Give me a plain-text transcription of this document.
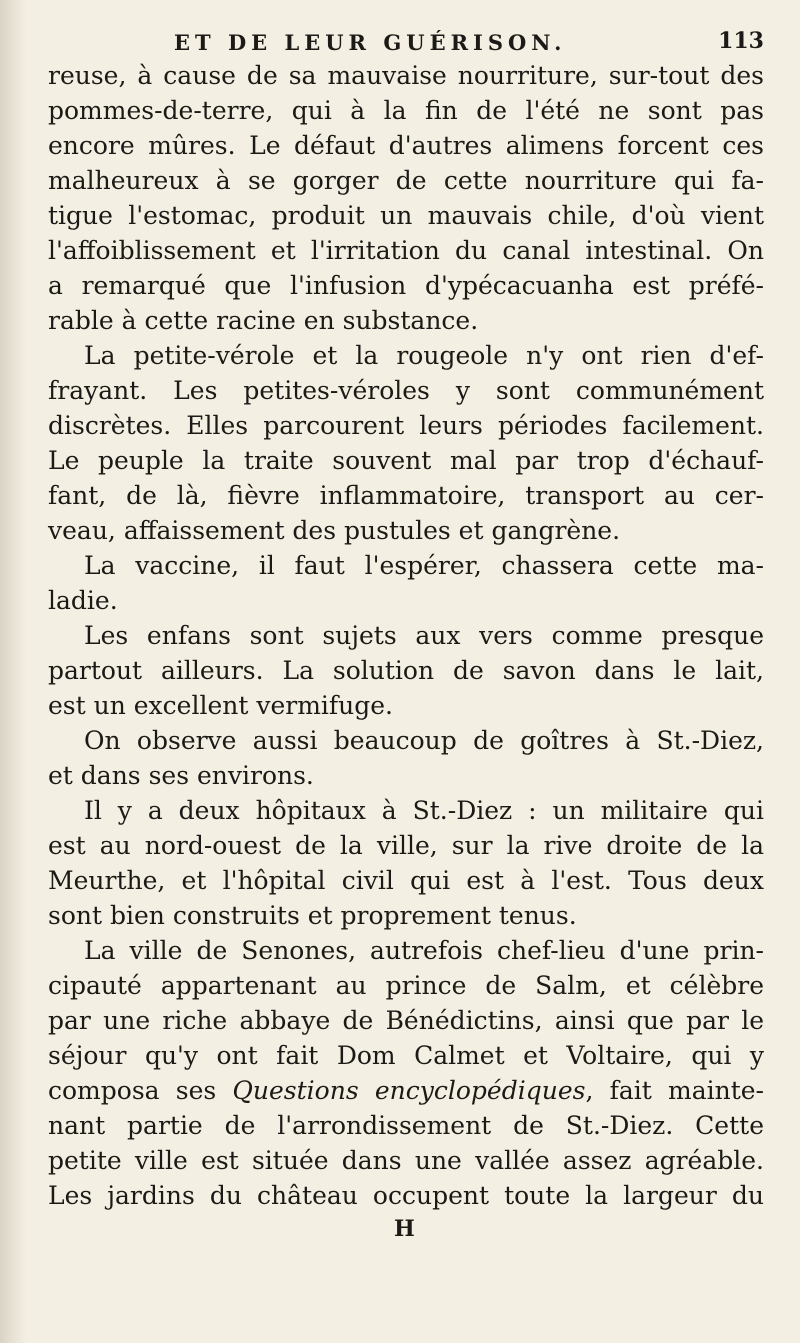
ET DE LEUR GUÉRISON.	113
reuse, à cause de sa mauvaise nourriture, sur-tout des
pommes-de-terre, qui à la fin de l'été ne sont pas
encore mûres. Le défaut d'autres alimens forcent ces
malheureux à se gorger de cette nourriture qui fa-
tigue l'estomac, produit un mauvais chile, d'où vient
l'affoiblissement et l'irritation du canal intestinal. On
a remarqué que l'infusion d'ypécacuanha est préfé-
rable à cette racine en substance.
La petite-vérole et la rougeole n'y ont rien d'ef-
frayant. Les petites-véroles y sont communément
discrètes. Elles parcourent leurs périodes facilement.
Le peuple la traite souvent mal par trop d'échauf-
fant, de là, fièvre inflammatoire, transport au cer-
veau, affaissement des pustules et gangrène.
La vaccine, il faut l'espérer, chassera cette ma-
ladie.
Les enfans sont sujets aux vers comme presque
partout ailleurs. La solution de savon dans le lait,
est un excellent vermifuge.
On observe aussi beaucoup de goîtres à St.-Diez,
et dans ses environs.
Il y a deux hôpitaux à St.-Diez : un militaire qui
est au nord-ouest de la ville, sur la rive droite de la
Meurthe, et l'hôpital civil qui est à l'est. Tous deux
sont bien construits et proprement tenus.
La ville de Senones, autrefois chef-lieu d'une prin-
cipauté appartenant au prince de Salm, et célèbre
par une riche abbaye de Bénédictins, ainsi que par le
séjour qu'y ont fait Dom Calmet et Voltaire, qui y
composa ses Questions encyclopédiques, fait mainte-
nant partie de l'arrondissement de St.-Diez. Cette
petite ville est située dans une vallée assez agréable.
Les jardins du château occupent toute la largeur du
H
